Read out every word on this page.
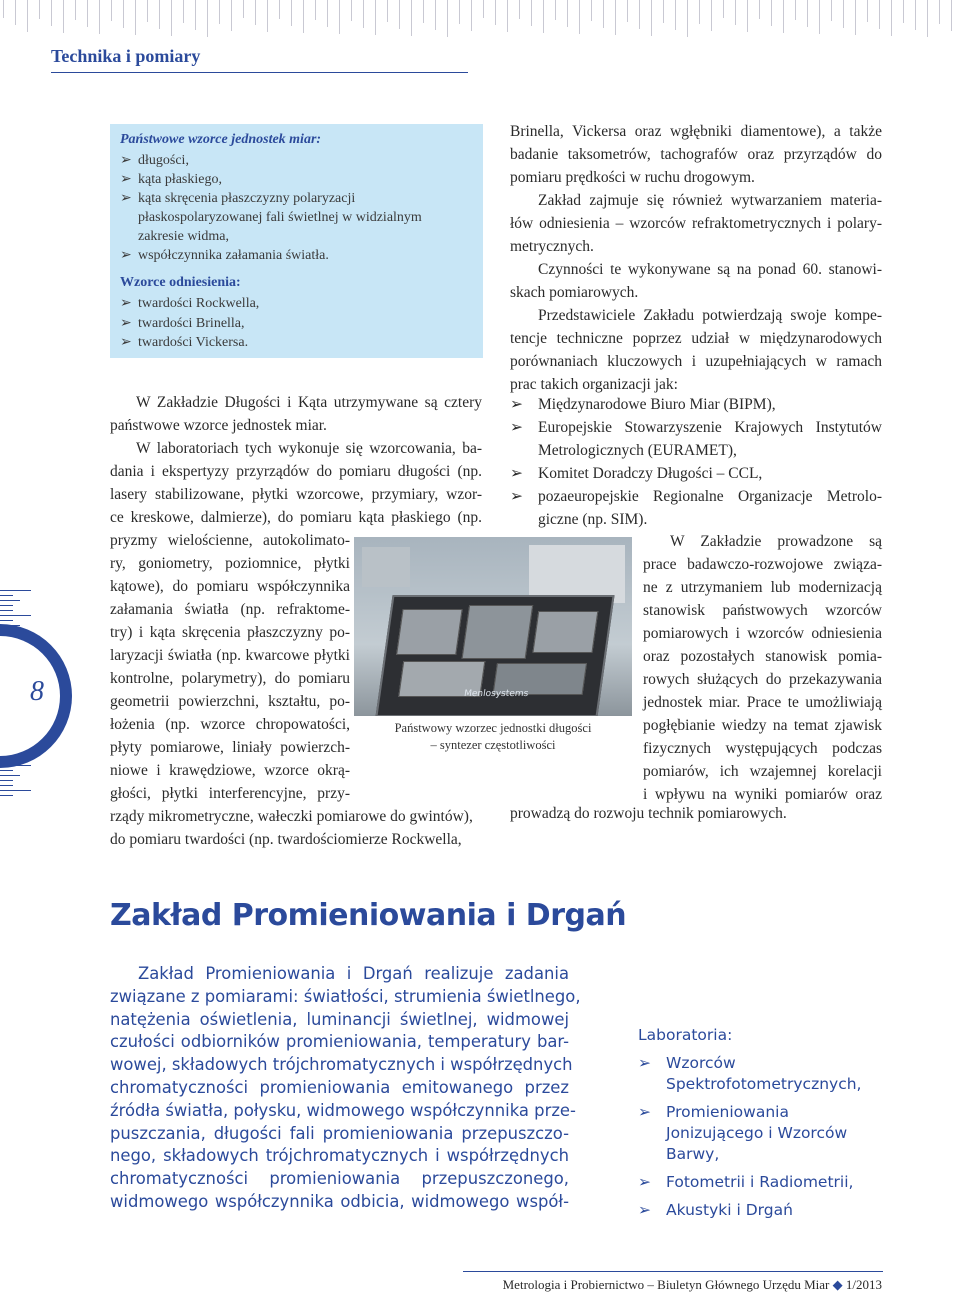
Technika i pomiary
Państwowe wzorce jednostek miar:
➢ długości,
➢ kąta płaskiego,
➢ kąta skręcenia płaszczyzny polaryzacji
płaskospolaryzowanej fali świetlnej w widzialnym
zakresie widma,
➢ współczynnika załamania światła.
Wzorce odniesienia:
➢ twardości Rockwella,
➢ twardości Brinella,
➢ twardości Vickersa.
W Zakładzie Długości i Kąta utrzymywane są cztery
państwowe wzorce jednostek miar.
W laboratoriach tych wykonuje się wzorcowania, ba-
dania i ekspertyzy przyrządów do pomiaru długości (np.
lasery stabilizowane, płytki wzorcowe, przymiary, wzor-
ce kreskowe, dalmierze), do pomiaru kąta płaskiego (np.
pryzmy wielościenne, autokolimato-
ry, goniometry, poziomnice, płytki
kątowe), do pomiaru współczynnika
załamania światła (np. refraktome-
try) i kąta skręcenia płaszczyzny po-
laryzacji światła (np. kwarcowe płytki
kontrolne, polarymetry), do pomiaru
geometrii powierzchni, kształtu, po-
łożenia (np. wzorce chropowatości,
płyty pomiarowe, liniały powierzch-
niowe i krawędziowe, wzorce okrą-
głości, płytki interferencyjne, przy-
rządy mikrometryczne, wałeczki pomiarowe do gwintów),
do pomiaru twardości (np. twardościomierze Rockwella,
Brinella, Vickersa oraz wgłębniki diamentowe), a także
badanie taksometrów, tachografów oraz przyrządów do
pomiaru prędkości w ruchu drogowym.
Zakład zajmuje się również wytwarzaniem materia-
łów odniesienia – wzorców refraktometrycznych i polary-
metrycznych.
Czynności te wykonywane są na ponad 60. stanowi-
skach pomiarowych.
Przedstawiciele Zakładu potwierdzają swoje kompe-
tencje techniczne poprzez udział w międzynarodowych
porównaniach kluczowych i uzupełniających w ramach
prac takich organizacji jak:
➢ Międzynarodowe Biuro Miar (BIPM),
➢ Europejskie Stowarzyszenie Krajowych Instytutów
Metrologicznych (EURAMET),
➢ Komitet Doradczy Długości – CCL,
➢ pozaeuropejskie Regionalne Organizacje Metrolo-
giczne (np. SIM).
W Zakładzie prowadzone są
prace badawczo-rozwojowe związa-
ne z utrzymaniem lub modernizacją
stanowisk państwowych wzorców
pomiarowych i wzorców odniesienia
oraz pozostałych stanowisk pomia-
rowych służących do przekazywania
jednostek miar. Prace te umożliwiają
pogłębianie wiedzy na temat zjawisk
fizycznych występujących podczas
pomiarów, ich wzajemnej korelacji
i wpływu na wyniki pomiarów oraz
prowadzą do rozwoju technik pomiarowych.
Menlosystems
Państwowy wzorzec jednostki długości
– syntezer częstotliwości
8
Zakład Promieniowania i Drgań
Zakład Promieniowania i Drgań realizuje zadania
związane z pomiarami: światłości, strumienia świetlnego,
natężenia oświetlenia, luminancji świetlnej, widmowej
czułości odbiorników promieniowania, temperatury bar-
wowej, składowych trójchromatycznych i współrzędnych
chromatyczności promieniowania emitowanego przez
źródła światła, połysku, widmowego współczynnika prze-
puszczania, długości fali promieniowania przepuszczo-
nego, składowych trójchromatycznych i współrzędnych
chromatyczności promieniowania przepuszczonego,
widmowego współczynnika odbicia, widmowego współ-
Laboratoria:
➢ Wzorców
Spektrofotometrycznych,
➢ Promieniowania
Jonizującego i Wzorców
Barwy,
➢ Fotometrii i Radiometrii,
➢ Akustyki i Drgań
Metrologia i Probiernictwo – Biuletyn Głównego Urzędu Miar ◆ 1/2013
